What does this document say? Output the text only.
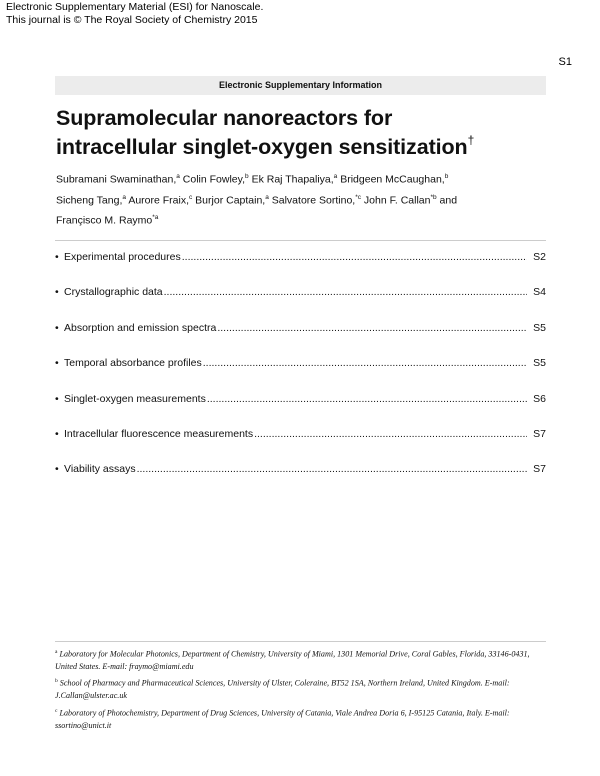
Electronic Supplementary Material (ESI) for Nanoscale.
This journal is © The Royal Society of Chemistry 2015
S1
Electronic Supplementary Information
Supramolecular nanoreactors for
intracellular singlet-oxygen sensitization†
Subramani Swaminathan,$^a$ Colin Fowley,$^b$ Ek Raj Thapaliya,$^a$ Bridgeen McCaughan,$^b$
Sicheng Tang,$^a$ Aurore Fraix,$^c$ Burjor Captain,$^a$ Salvatore Sortino,$^{*c}$ John F. Callan$^{*b}$ and
Françisco M. Raymo$^{*a}$
• Experimental procedures .....	S2
• Crystallographic data .....	S4
• Absorption and emission spectra .....	S5
• Temporal absorbance profiles .....	S5
• Singlet-oxygen measurements .....	S6
• Intracellular fluorescence measurements .....	S7
• Viability assays .....	S7
$^a$ Laboratory for Molecular Photonics, Department of Chemistry, University of Miami, 1301 Memorial Drive, Coral Gables, Florida, 33146-0431, United States. E-mail: fraymo@miami.edu
$^b$ School of Pharmacy and Pharmaceutical Sciences, University of Ulster, Coleraine, BT52 1SA, Northern Ireland, United Kingdom. E-mail: J.Callan@ulster.ac.uk
$^c$ Laboratory of Photochemistry, Department of Drug Sciences, University of Catania, Viale Andrea Doria 6, I-95125 Catania, Italy. E-mail: ssortino@unict.it
